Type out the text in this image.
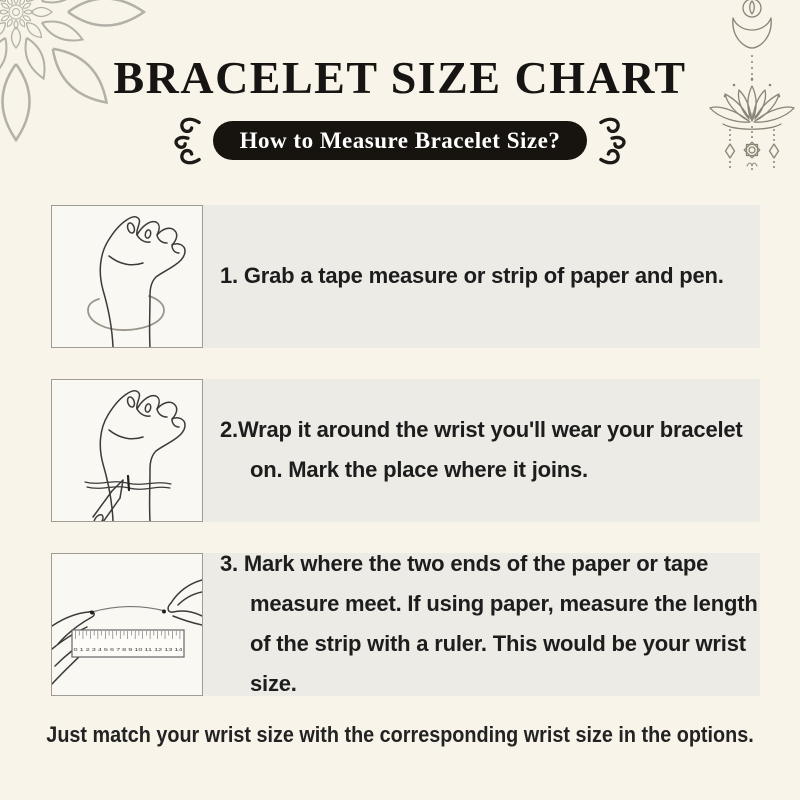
BRACELET SIZE CHART
How to Measure Bracelet Size?

1. Grab a tape measure or strip of paper and pen.

2.Wrap it around the wrist you'll wear your bracelet on. Mark the place where it joins.

0 1 2 3 4 5 6 7 8 9 10 11 12 13 14

3. Mark where the two ends of the paper or tape measure meet. If using paper, measure the length of the strip with a ruler. This would be your wrist size.

Just match your wrist size with the corresponding wrist size in the options.
